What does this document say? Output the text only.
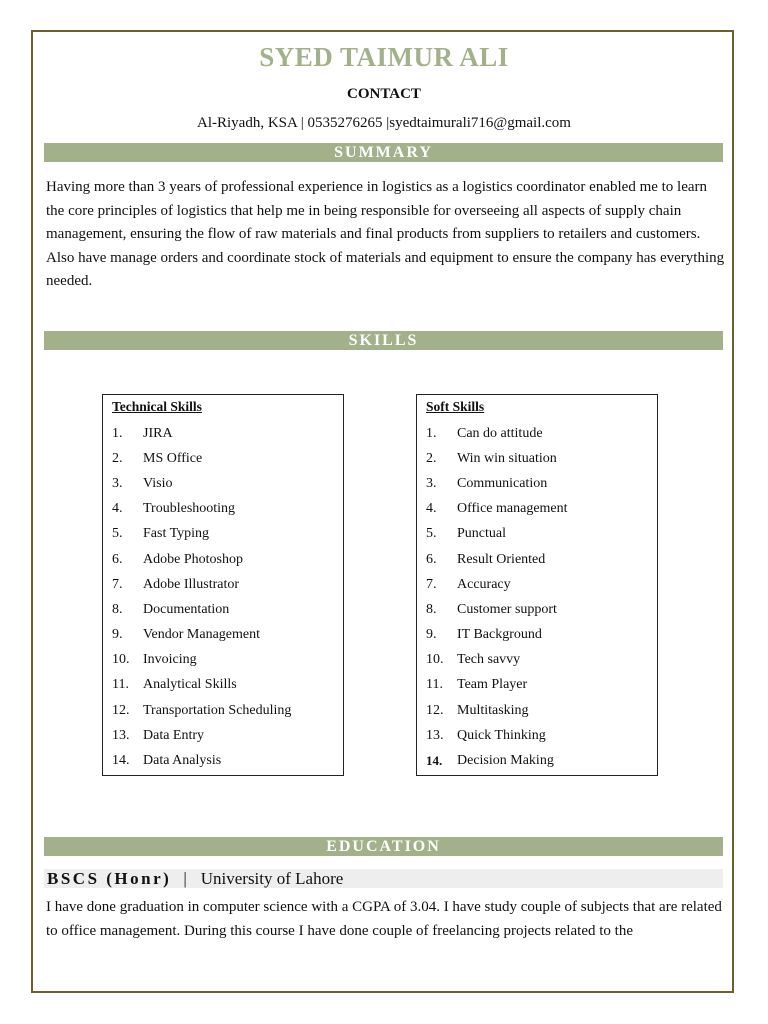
SYED TAIMUR ALI
CONTACT
Al-Riyadh, KSA | 0535276265 |syedtaimurali716@gmail.com
SUMMARY
Having more than 3 years of professional experience in logistics as a logistics coordinator enabled me to learn the core principles of logistics that help me in being responsible for overseeing all aspects of supply chain management, ensuring the flow of raw materials and final products from suppliers to retailers and customers. Also have manage orders and coordinate stock of materials and equipment to ensure the company has everything needed.
SKILLS
Technical Skills
1.	JIRA
2.	MS Office
3.	Visio
4.	Troubleshooting
5.	Fast Typing
6.	Adobe Photoshop
7.	Adobe Illustrator
8.	Documentation
9.	Vendor Management
10. Invoicing
11.	Analytical Skills
12. Transportation Scheduling
13. Data Entry
14. Data Analysis
Soft Skills
1.	Can do attitude
2.	Win win situation
3.	Communication
4.	Office management
5.	Punctual
6.	Result Oriented
7.	Accuracy
8.	Customer support
9.	IT Background
10. Tech savvy
11.	Team Player
12. Multitasking
13. Quick Thinking
14.	Decision Making
EDUCATION
BSCS (Honr) | University of Lahore
I have done graduation in computer science with a CGPA of 3.04. I have study couple of subjects that are related to office management. During this course I have done couple of freelancing projects related to the
